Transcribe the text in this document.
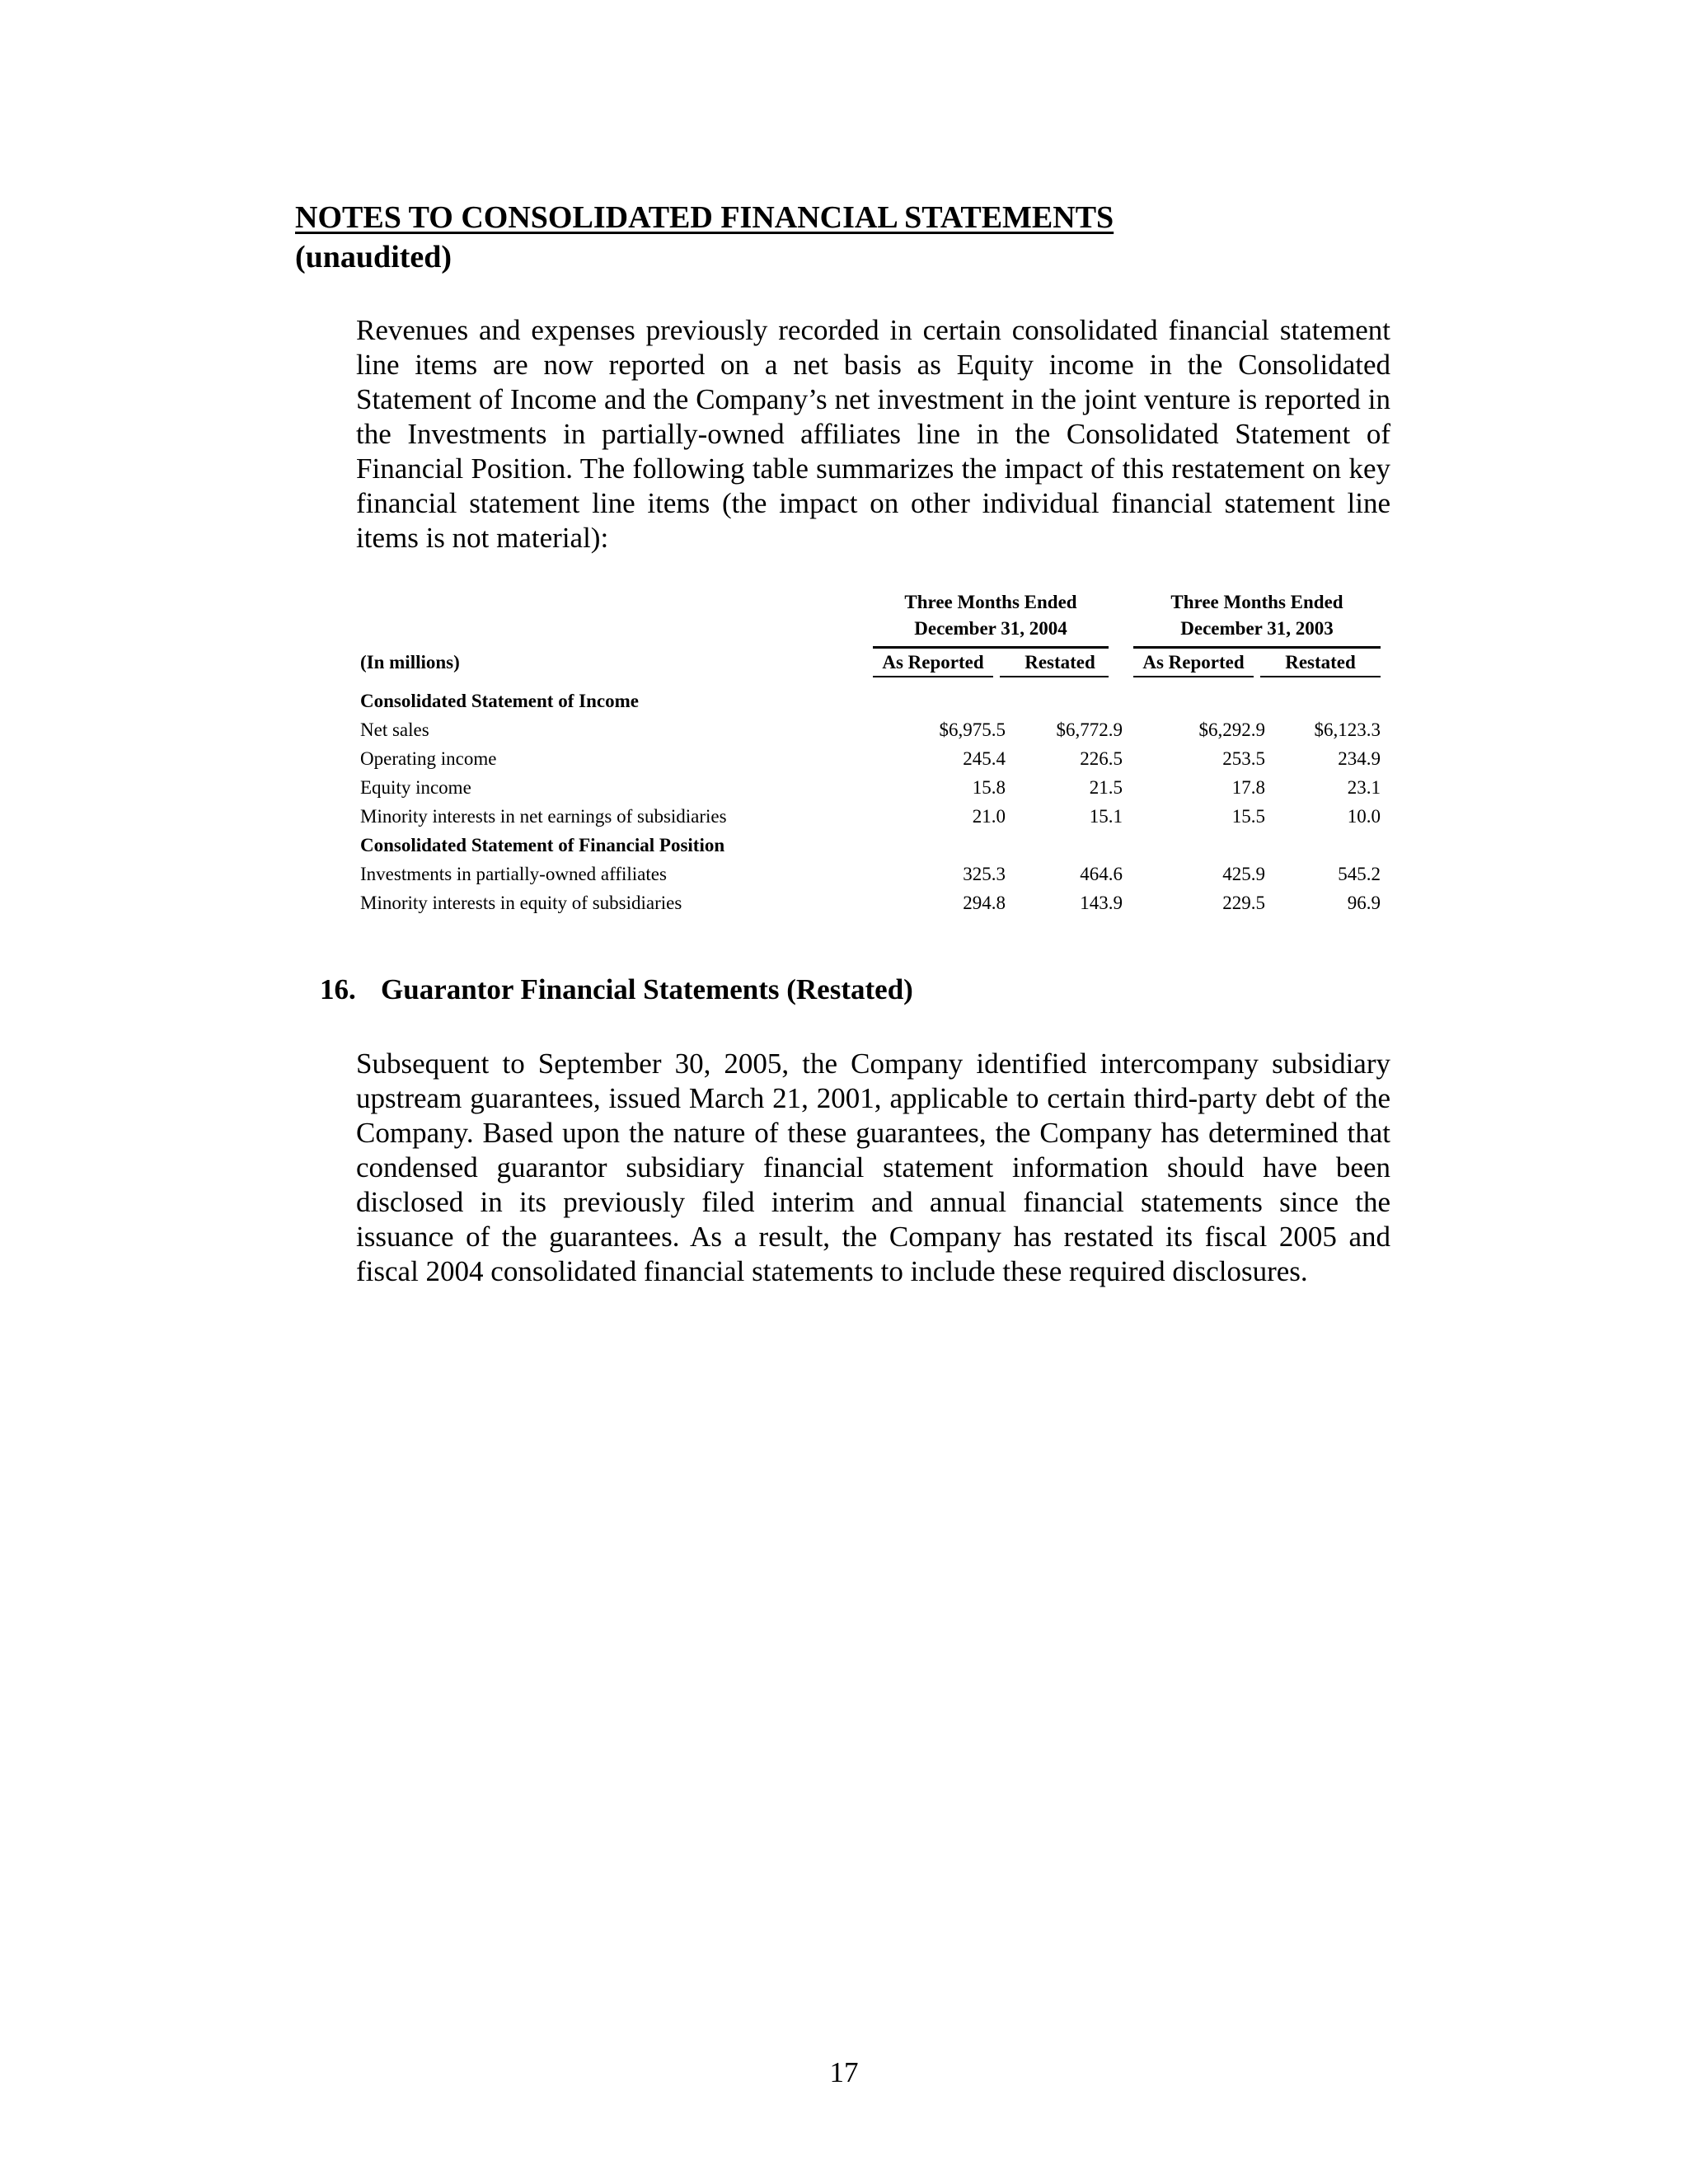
NOTES TO CONSOLIDATED FINANCIAL STATEMENTS
(unaudited)

Revenues and expenses previously recorded in certain consolidated financial statement line items are now reported on a net basis as Equity income in the Consolidated Statement of Income and the Company’s net investment in the joint venture is reported in the Investments in partially-owned affiliates line in the Consolidated Statement of Financial Position. The following table summarizes the impact of this restatement on key financial statement line items (the impact on other individual financial statement line items is not material):

Three Months Ended
December 31, 2004
Three Months Ended
December 31, 2003
(In millions)	As Reported	Restated	As Reported	Restated
Consolidated Statement of Income
Net sales	$6,975.5	$6,772.9	$6,292.9	$6,123.3
Operating income	245.4	226.5	253.5	234.9
Equity income	15.8	21.5	17.8	23.1
Minority interests in net earnings of subsidiaries	21.0	15.1	15.5	10.0
Consolidated Statement of Financial Position
Investments in partially-owned affiliates	325.3	464.6	425.9	545.2
Minority interests in equity of subsidiaries	294.8	143.9	229.5	96.9
16. Guarantor Financial Statements (Restated)

Subsequent to September 30, 2005, the Company identified intercompany subsidiary upstream guarantees, issued March 21, 2001, applicable to certain third-party debt of the Company. Based upon the nature of these guarantees, the Company has determined that condensed guarantor subsidiary financial statement information should have been disclosed in its previously filed interim and annual financial statements since the issuance of the guarantees. As a result, the Company has restated its fiscal 2005 and fiscal 2004 consolidated financial statements to include these required disclosures.

17
